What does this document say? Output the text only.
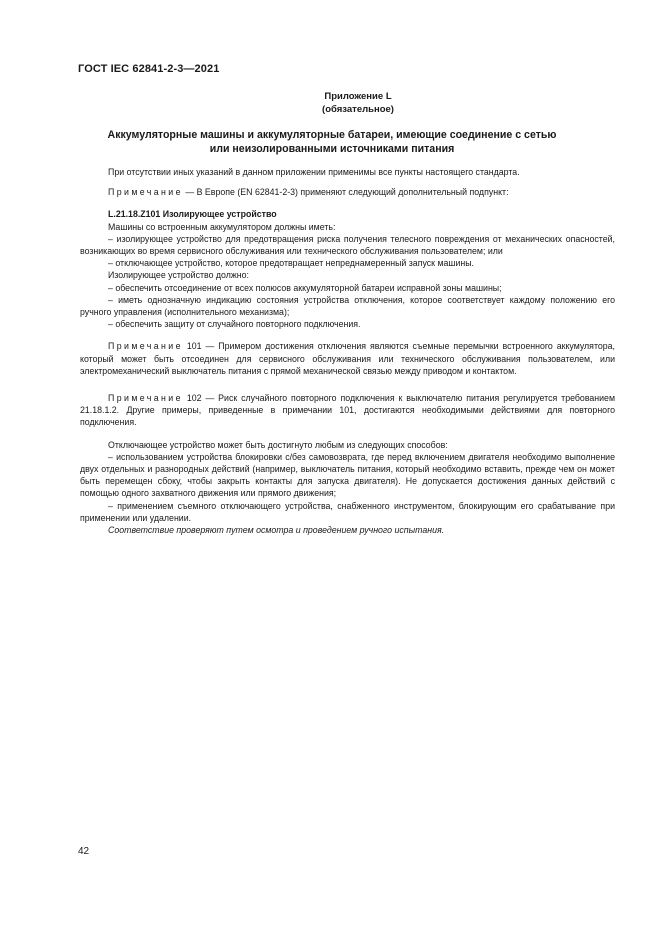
ГОСТ IEC 62841-2-3—2021
Приложение L
(обязательное)
Аккумуляторные машины и аккумуляторные батареи, имеющие соединение с сетью
или неизолированными источниками питания

При отсутствии иных указаний в данном приложении применимы все пункты настоящего стандарта.

Примечание — В Европе (EN 62841-2-3) применяют следующий дополнительный подпункт:

L.21.18.Z101 Изолирующее устройство

Машины со встроенным аккумулятором должны иметь:

– изолирующее устройство для предотвращения риска получения телесного повреждения от механических опасностей, возникающих во время сервисного обслуживания или технического обслуживания пользователем; или

– отключающее устройство, которое предотвращает непреднамеренный запуск машины.

Изолирующее устройство должно:

– обеспечить отсоединение от всех полюсов аккумуляторной батареи исправной зоны машины;

– иметь однозначную индикацию состояния устройства отключения, которое соответствует каждому положению его ручного управления (исполнительного механизма);

– обеспечить защиту от случайного повторного подключения.

Примечание 101 — Примером достижения отключения являются съемные перемычки встроенного аккумулятора, который может быть отсоединен для сервисного обслуживания или технического обслуживания пользователем, или электромеханический выключатель питания с прямой механической связью между приводом и контактом.

Примечание 102 — Риск случайного повторного подключения к выключателю питания регулируется требованием 21.18.1.2. Другие примеры, приведенные в примечании 101, достигаются необходимыми действиями для повторного подключения.

Отключающее устройство может быть достигнуто любым из следующих способов:

– использованием устройства блокировки с/без самовозврата, где перед включением двигателя необходимо выполнение двух отдельных и разнородных действий (например, выключатель питания, который необходимо вставить, прежде чем он может быть перемещен сбоку, чтобы закрыть контакты для запуска двигателя). Не допускается достижения данных действий с помощью одного захватного движения или прямого движения;

– применением съемного отключающего устройства, снабженного инструментом, блокирующим его срабатывание при применении или удалении.

Соответствие проверяют путем осмотра и проведением ручного испытания.

42
